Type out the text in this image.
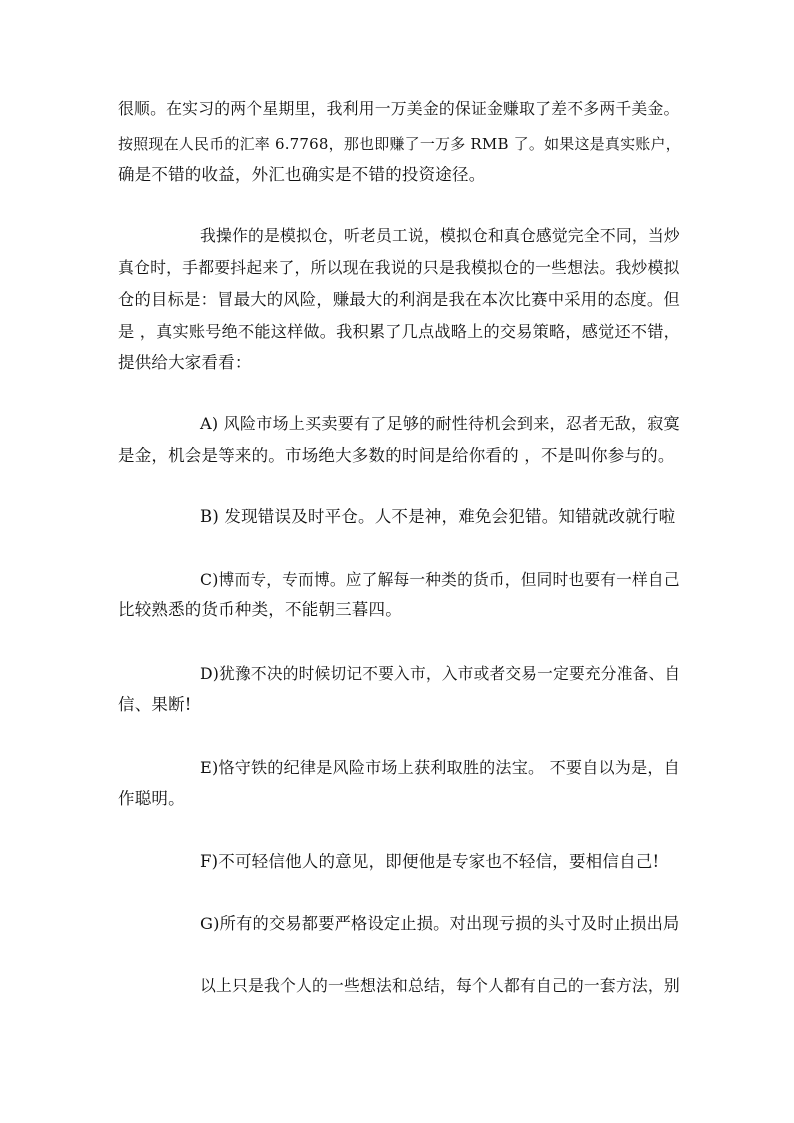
很顺。在实习的两个星期里，我利用一万美金的保证金赚取了差不多两千美金。
按照现在人民币的汇率 6.7768，那也即赚了一万多 RMB 了。如果这是真实账户，
确是不错的收益，外汇也确实是不错的投资途径。
我操作的是模拟仓，听老员工说，模拟仓和真仓感觉完全不同，当炒
真仓时，手都要抖起来了，所以现在我说的只是我模拟仓的一些想法。我炒模拟
仓的目标是：冒最大的风险，赚最大的利润是我在本次比赛中采用的态度。但
是 ，真实账号绝不能这样做。我积累了几点战略上的交易策略，感觉还不错，
提供给大家看看：
A) 风险市场上买卖要有了足够的耐性待机会到来，忍者无敌，寂寞
是金，机会是等来的。市场绝大多数的时间是给你看的 ，不是叫你参与的。
B) 发现错误及时平仓。人不是神，难免会犯错。知错就改就行啦
C)博而专，专而博。应了解每一种类的货币，但同时也要有一样自己
比较熟悉的货币种类，不能朝三暮四。
D)犹豫不决的时候切记不要入市，入市或者交易一定要充分准备、自
信、果断!
E)恪守铁的纪律是风险市场上获利取胜的法宝。 不要自以为是，自
作聪明。
F)不可轻信他人的意见，即便他是专家也不轻信，要相信自己!
G)所有的交易都要严格设定止损。对出现亏损的头寸及时止损出局
以上只是我个人的一些想法和总结，每个人都有自己的一套方法，别
